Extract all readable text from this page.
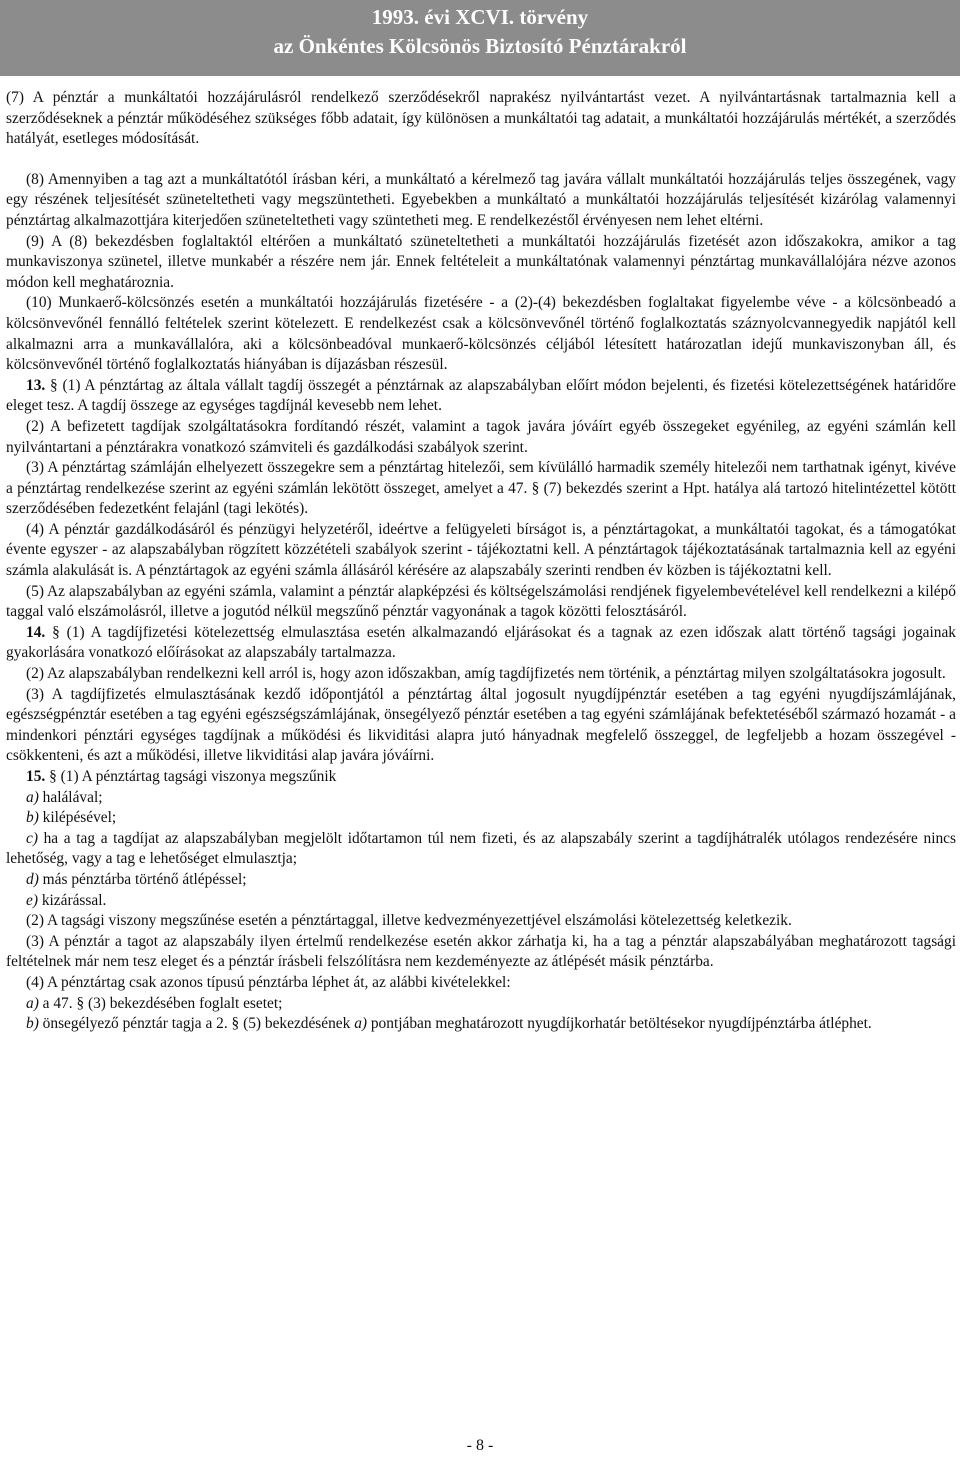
1993. évi XCVI. törvény
az Önkéntes Kölcsönös Biztosító Pénztárakról

(7) A pénztár a munkáltatói hozzájárulásról rendelkező szerződésekről naprakész nyilvántartást vezet. A nyilvántartásnak tartalmaznia kell a szerződéseknek a pénztár működéséhez szükséges főbb adatait, így különösen a munkáltatói tag adatait, a munkáltatói hozzájárulás mértékét, a szerződés hatályát, esetleges módosítását.

(8) Amennyiben a tag azt a munkáltatótól írásban kéri, a munkáltató a kérelmező tag javára vállalt munkáltatói hozzájárulás teljes összegének, vagy egy részének teljesítését szüneteltetheti vagy megszüntetheti. Egyebekben a munkáltató a munkáltatói hozzájárulás teljesítését kizárólag valamennyi pénztártag alkalmazottjára kiterjedően szüneteltetheti vagy szüntetheti meg. E rendelkezéstől érvényesen nem lehet eltérni.

(9) A (8) bekezdésben foglaltaktól eltérően a munkáltató szüneteltetheti a munkáltatói hozzájárulás fizetését azon időszakokra, amikor a tag munkaviszonya szünetel, illetve munkabér a részére nem jár. Ennek feltételeit a munkáltatónak valamennyi pénztártag munkavállalójára nézve azonos módon kell meghatároznia.

(10) Munkaerő-kölcsönzés esetén a munkáltatói hozzájárulás fizetésére - a (2)-(4) bekezdésben foglaltakat figyelembe véve - a kölcsönbeadó a kölcsönvevőnél fennálló feltételek szerint kötelezett. E rendelkezést csak a kölcsönvevőnél történő foglalkoztatás száznyolcvannegyedik napjától kell alkalmazni arra a munkavállalóra, aki a kölcsönbeadóval munkaerő-kölcsönzés céljából létesített határozatlan idejű munkaviszonyban áll, és kölcsönvevőnél történő foglalkoztatás hiányában is díjazásban részesül.

13. § (1) A pénztártag az általa vállalt tagdíj összegét a pénztárnak az alapszabályban előírt módon bejelenti, és fizetési kötelezettségének határidőre eleget tesz. A tagdíj összege az egységes tagdíjnál kevesebb nem lehet.

(2) A befizetett tagdíjak szolgáltatásokra fordítandó részét, valamint a tagok javára jóváírt egyéb összegeket egyénileg, az egyéni számlán kell nyilvántartani a pénztárakra vonatkozó számviteli és gazdálkodási szabályok szerint.

(3) A pénztártag számláján elhelyezett összegekre sem a pénztártag hitelezői, sem kívülálló harmadik személy hitelezői nem tarthatnak igényt, kivéve a pénztártag rendelkezése szerint az egyéni számlán lekötött összeget, amelyet a 47. § (7) bekezdés szerint a Hpt. hatálya alá tartozó hitelintézettel kötött szerződésében fedezetként felajánl (tagi lekötés).

(4) A pénztár gazdálkodásáról és pénzügyi helyzetéről, ideértve a felügyeleti bírságot is, a pénztártagokat, a munkáltatói tagokat, és a támogatókat évente egyszer - az alapszabályban rögzített közzétételi szabályok szerint - tájékoztatni kell. A pénztártagok tájékoztatásának tartalmaznia kell az egyéni számla alakulását is. A pénztártagok az egyéni számla állásáról kérésére az alapszabály szerinti rendben év közben is tájékoztatni kell.

(5) Az alapszabályban az egyéni számla, valamint a pénztár alapképzési és költségelszámolási rendjének figyelembevételével kell rendelkezni a kilépő taggal való elszámolásról, illetve a jogutód nélkül megszűnő pénztár vagyonának a tagok közötti felosztásáról.

14. § (1) A tagdíjfizetési kötelezettség elmulasztása esetén alkalmazandó eljárásokat és a tagnak az ezen időszak alatt történő tagsági jogainak gyakorlására vonatkozó előírásokat az alapszabály tartalmazza.

(2) Az alapszabályban rendelkezni kell arról is, hogy azon időszakban, amíg tagdíjfizetés nem történik, a pénztártag milyen szolgáltatásokra jogosult.

(3) A tagdíjfizetés elmulasztásának kezdő időpontjától a pénztártag által jogosult nyugdíjpénztár esetében a tag egyéni nyugdíjszámlájának, egészségpénztár esetében a tag egyéni egészségszámlájának, önsegélyező pénztár esetében a tag egyéni számlájának befektetéséből származó hozamát - a mindenkori pénztári egységes tagdíjnak a működési és likviditási alapra jutó hányadnak megfelelő összeggel, de legfeljebb a hozam összegével - csökkenteni, és azt a működési, illetve likviditási alap javára jóváírni.

15. § (1) A pénztártag tagsági viszonya megszűnik

a) halálával;

b) kilépésével;

c) ha a tag a tagdíjat az alapszabályban megjelölt időtartamon túl nem fizeti, és az alapszabály szerint a tagdíjhátralék utólagos rendezésére nincs lehetőség, vagy a tag e lehetőséget elmulasztja;

d) más pénztárba történő átlépéssel;

e) kizárással.

(2) A tagsági viszony megszűnése esetén a pénztártaggal, illetve kedvezményezettjével elszámolási kötelezettség keletkezik.

(3) A pénztár a tagot az alapszabály ilyen értelmű rendelkezése esetén akkor zárhatja ki, ha a tag a pénztár alapszabályában meghatározott tagsági feltételnek már nem tesz eleget és a pénztár írásbeli felszólításra nem kezdeményezte az átlépését másik pénztárba.

(4) A pénztártag csak azonos típusú pénztárba léphet át, az alábbi kivételekkel:

a) a 47. § (3) bekezdésében foglalt esetet;

b) önsegélyező pénztár tagja a 2. § (5) bekezdésének a) pontjában meghatározott nyugdíjkorhatár betöltésekor nyugdíjpénztárba átléphet.

- 8 -
